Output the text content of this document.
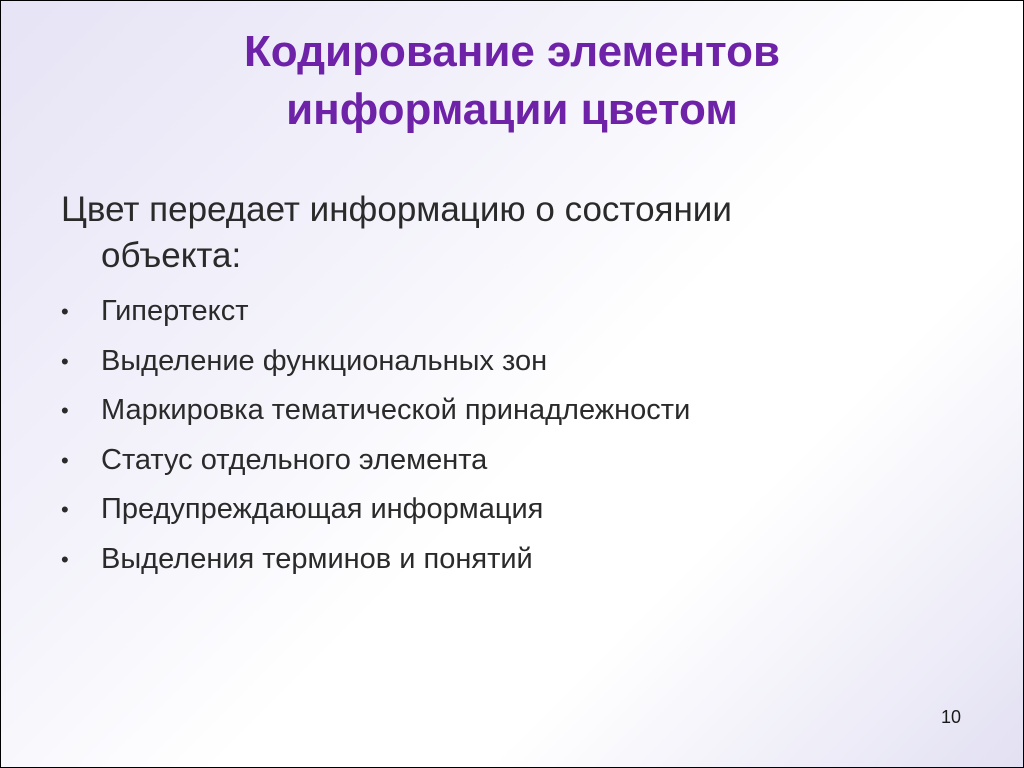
Кодирование элементов
информации цветом
Цвет передает информацию о состоянии
объекта:
• Гипертекст
• Выделение функциональных зон
• Маркировка тематической принадлежности
• Статус отдельного элемента
• Предупреждающая информация
• Выделения терминов и понятий
10
